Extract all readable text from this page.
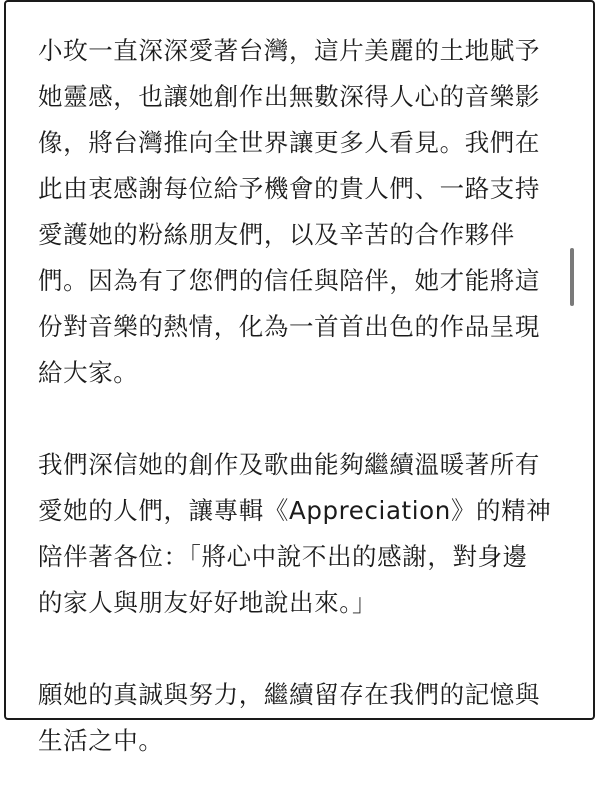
小玫一直深深愛著台灣，這片美麗的土地賦予
她靈感，也讓她創作出無數深得人心的音樂影
像，將台灣推向全世界讓更多人看見。我們在
此由衷感謝每位給予機會的貴人們、一路支持
愛護她的粉絲朋友們，以及辛苦的合作夥伴
們。因為有了您們的信任與陪伴，她才能將這
份對音樂的熱情，化為一首首出色的作品呈現
給大家。

我們深信她的創作及歌曲能夠繼續溫暖著所有
愛她的人們，讓專輯《Appreciation》的精神
陪伴著各位：「將心中說不出的感謝，對身邊
的家人與朋友好好地說出來。」

願她的真誠與努力，繼續留存在我們的記憶與
生活之中。
